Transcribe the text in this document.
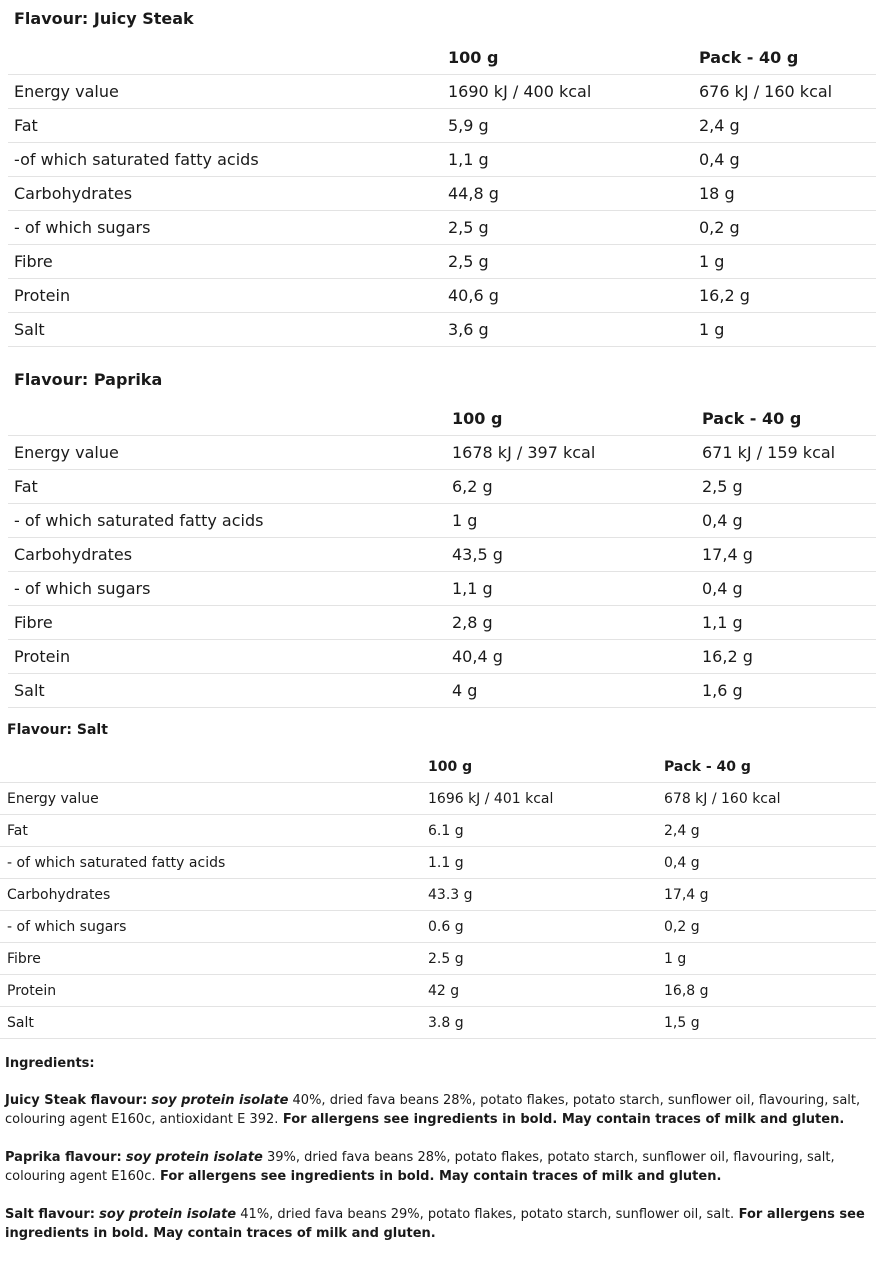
Flavour: Juicy Steak
	100 g	Pack - 40 g
Energy value	1690 kJ / 400 kcal	676 kJ / 160 kcal
Fat	5,9 g	2,4 g
-of which saturated fatty acids	1,1 g	0,4 g
Carbohydrates	44,8 g	18 g
- of which sugars	2,5 g	0,2 g
Fibre	2,5 g	1 g
Protein	40,6 g	16,2 g
Salt	3,6 g	1 g
Flavour: Paprika
	100 g	Pack - 40 g
Energy value	1678 kJ / 397 kcal	671 kJ / 159 kcal
Fat	6,2 g	2,5 g
- of which saturated fatty acids	1 g	0,4 g
Carbohydrates	43,5 g	17,4 g
- of which sugars	1,1 g	0,4 g
Fibre	2,8 g	1,1 g
Protein	40,4 g	16,2 g
Salt	4 g	1,6 g
Flavour: Salt
	100 g	Pack - 40 g
Energy value	1696 kJ / 401 kcal	678 kJ / 160 kcal
Fat	6.1 g	2,4 g
- of which saturated fatty acids	1.1 g	0,4 g
Carbohydrates	43.3 g	17,4 g
- of which sugars	0.6 g	0,2 g
Fibre	2.5 g	1 g
Protein	42 g	16,8 g
Salt	3.8 g	1,5 g
Ingredients:
Juicy Steak flavour: soy protein isolate 40%, dried fava beans 28%, potato flakes, potato starch, sunflower oil, flavouring, salt, colouring agent E160c, antioxidant E 392. For allergens see ingredients in bold. May contain traces of milk and gluten.
Paprika flavour: soy protein isolate 39%, dried fava beans 28%, potato flakes, potato starch, sunflower oil, flavouring, salt, colouring agent E160c. For allergens see ingredients in bold. May contain traces of milk and gluten.
Salt flavour: soy protein isolate 41%, dried fava beans 29%, potato flakes, potato starch, sunflower oil, salt. For allergens see ingredients in bold. May contain traces of milk and gluten.
